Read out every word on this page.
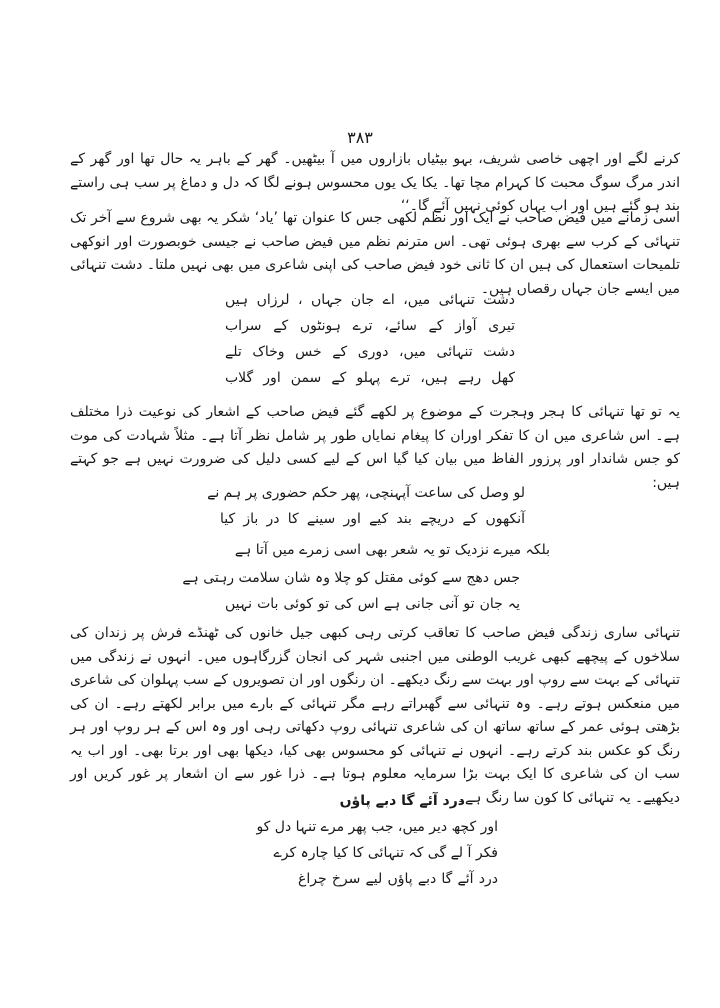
۳۸۳

کرنے لگے اور اچھی خاصی شریف، بہو بیٹیاں بازاروں میں آ بیٹھیں۔ گھر کے باہر یہ حال تھا اور گھر کے اندر مرگ سوگ محبت کا کہرام مچا تھا۔ یکا یک یوں محسوس ہونے لگا کہ دل و دماغ پر سب ہی راستے بند ہو گئے ہیں اور اب یہاں کوئی نہیں آئے گا۔‘‘

اسی زمانے میں فیض صاحب نے ایک اور نظم لکھی جس کا عنوان تھا ’یاد‘ شکر یہ بھی شروع سے آخر تک تنہائی کے کرب سے بھری ہوئی تھی۔ اس مترنم نظم میں فیض صاحب نے جیسی خوبصورت اور انوکھی تلمیحات استعمال کی ہیں ان کا ثانی خود فیض صاحب کی اپنی شاعری میں بھی نہیں ملتا۔ دشت تنہائی میں ایسے جان جہاں رقصاں ہیں۔

دشت تنہائی میں، اے جان جہاں ، لرزاں ہیں
تیری آواز کے سائے، ترے ہونٹوں کے سراب
دشت تنہائی میں، دوری کے خس وخاک تلے
کھل رہے ہیں، ترے پہلو کے سمن اور گلاب

یہ تو تھا تنہائی کا ہجر وہجرت کے موضوع پر لکھے گئے فیض صاحب کے اشعار کی نوعیت ذرا مختلف ہے۔ اس شاعری میں ان کا تفکر اوران کا پیغام نمایاں طور پر شامل نظر آتا ہے۔ مثلاً شہادت کی موت کو جس شاندار اور پرزور الفاظ میں بیان کیا گیا اس کے لیے کسی دلیل کی ضرورت نہیں ہے جو کہتے ہیں:

لو وصل کی ساعت آپہنچی، پھر حکم حضوری پر ہم نے
آنکھوں کے دریچے بند کیے اور سینے کا در باز کیا
بلکہ میرے نزدیک تو یہ شعر بھی اسی زمرے میں آتا ہے
جس دھج سے کوئی مقتل کو چلا وہ شان سلامت رہتی ہے
یہ جان تو آنی جانی ہے اس کی تو کوئی بات نہیں

تنہائی ساری زندگی فیض صاحب کا تعاقب کرتی رہی کبھی جیل خانوں کی ٹھنڈے فرش پر زندان کی سلاخوں کے پیچھے کبھی غریب الوطنی میں اجنبی شہر کی انجان گزرگاہوں میں۔ انہوں نے زندگی میں تنہائی کے بہت سے روپ اور بہت سے رنگ دیکھے۔ ان رنگوں اور ان تصویروں کے سب پہلوان کی شاعری میں منعکس ہوتے رہے۔ وہ تنہائی سے گھبراتے رہے مگر تنہائی کے بارے میں برابر لکھتے رہے۔ ان کی بڑھتی ہوئی عمر کے ساتھ ساتھ ان کی شاعری تنہائی روپ دکھاتی رہی اور وہ اس کے ہر روپ اور ہر رنگ کو عکس بند کرتے رہے۔ انہوں نے تنہائی کو محسوس بھی کیا، دیکھا بھی اور برتا بھی۔ اور اب یہ سب ان کی شاعری کا ایک بہت بڑا سرمایہ معلوم ہوتا ہے۔ ذرا غور سے ان اشعار پر غور کریں اور دیکھیے۔ یہ تنہائی کا کون سا رنگ ہے۔

درد آئے گا دبے پاؤں
اور کچھ دیر میں، جب پھر مرے تنہا دل کو
فکر آ لے گی کہ تنہائی کا کیا چارہ کرے
درد آئے گا دبے پاؤں لیے سرخ چراغ
